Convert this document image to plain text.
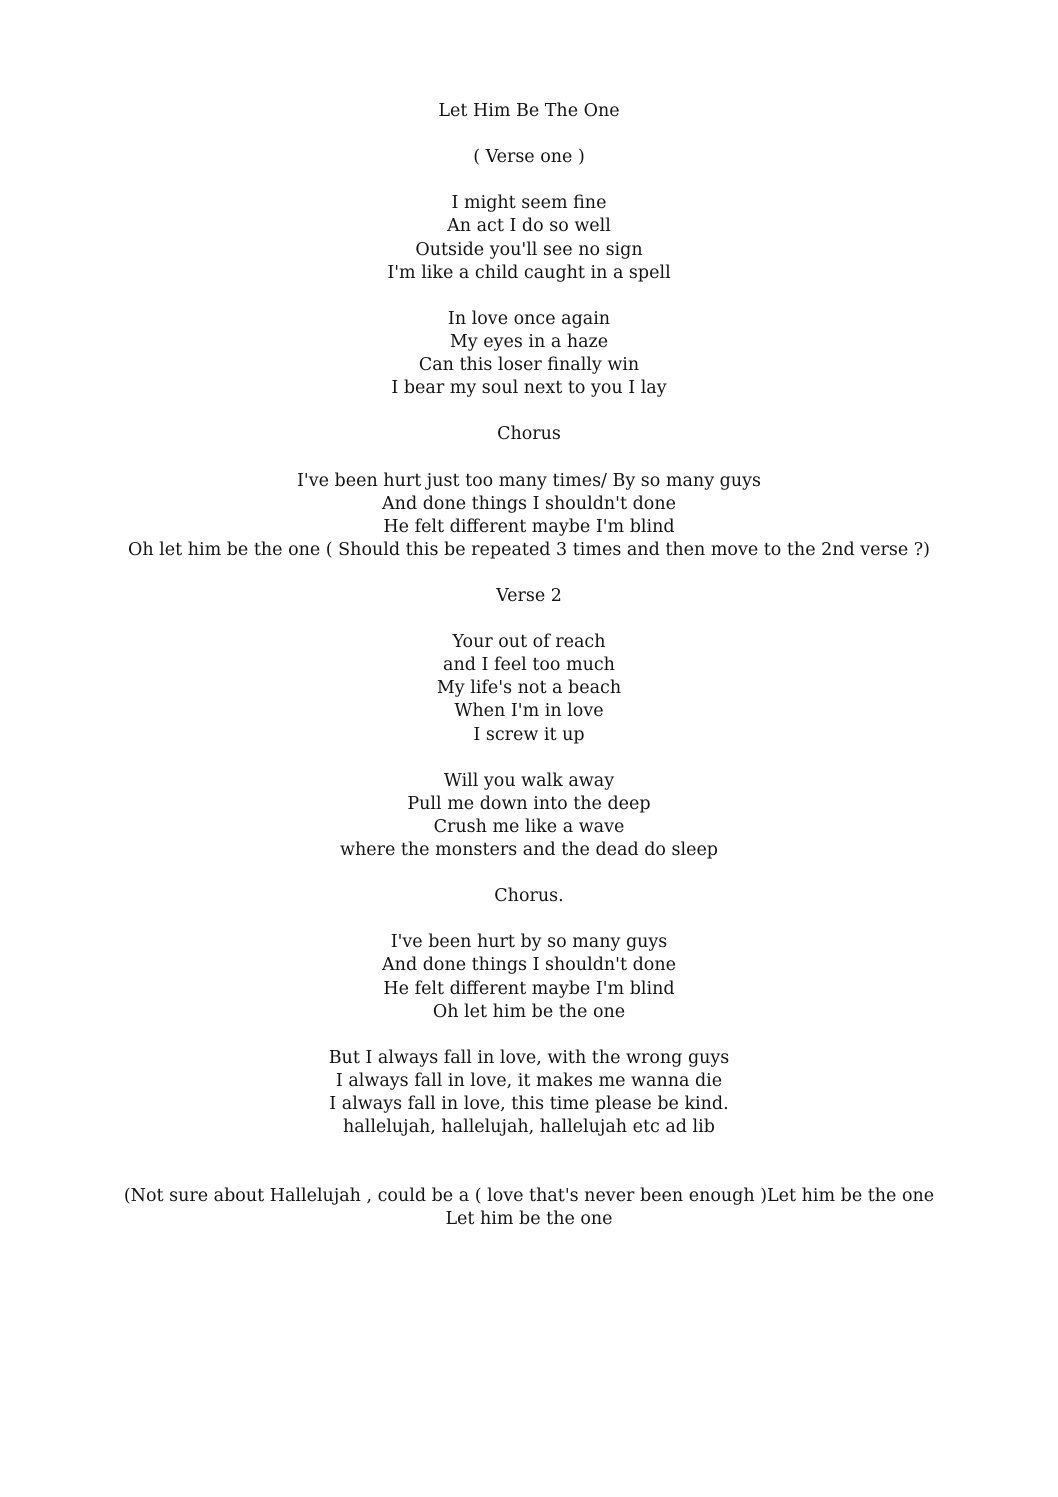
Let Him Be The One
( Verse one )
I might seem fine
An act I do so well
Outside you'll see no sign
I'm like a child caught in a spell
In love once again
My eyes in a haze
Can this loser finally win
I bear my soul next to you I lay
Chorus
I've been hurt just too many times/ By so many guys
And done things I shouldn't done
He felt different maybe I'm blind
Oh let him be the one ( Should this be repeated 3 times and then move to the 2nd verse ?)
Verse 2
Your out of reach
and I feel too much
My life's not a beach
When I'm in love
I screw it up
Will you walk away
Pull me down into the deep
Crush me like a wave
where the monsters and the dead do sleep
Chorus.
I've been hurt by so many guys
And done things I shouldn't done
He felt different maybe I'm blind
Oh let him be the one
But I always fall in love, with the wrong guys
I always fall in love, it makes me wanna die
I always fall in love, this time please be kind.
hallelujah, hallelujah, hallelujah etc ad lib
(Not sure about Hallelujah , could be a ( love that's never been enough )Let him be the one
Let him be the one
